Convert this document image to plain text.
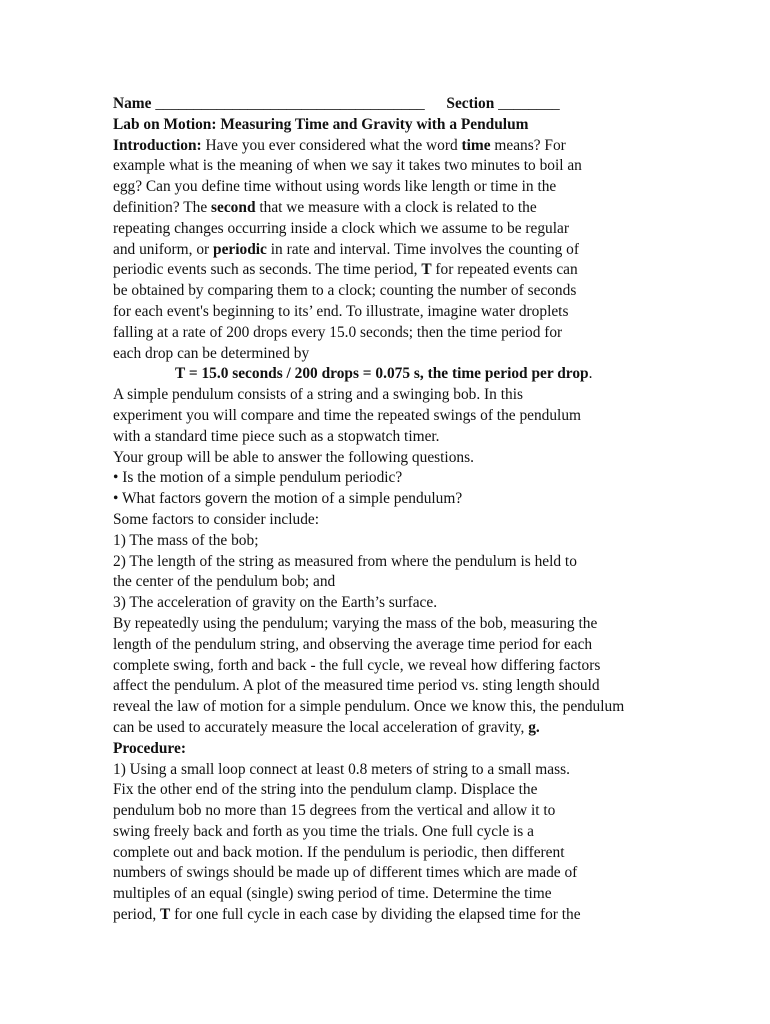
Name ___________________________________ Section ________
Lab on Motion: Measuring Time and Gravity with a Pendulum
Introduction: Have you ever considered what the word time means? For
example what is the meaning of when we say it takes two minutes to boil an
egg? Can you define time without using words like length or time in the
definition? The second that we measure with a clock is related to the
repeating changes occurring inside a clock which we assume to be regular
and uniform, or periodic in rate and interval. Time involves the counting of
periodic events such as seconds. The time period, T for repeated events can
be obtained by comparing them to a clock; counting the number of seconds
for each event's beginning to its’ end. To illustrate, imagine water droplets
falling at a rate of 200 drops every 15.0 seconds; then the time period for
each drop can be determined by
T = 15.0 seconds / 200 drops = 0.075 s, the time period per drop.
A simple pendulum consists of a string and a swinging bob. In this
experiment you will compare and time the repeated swings of the pendulum
with a standard time piece such as a stopwatch timer.
Your group will be able to answer the following questions.
• Is the motion of a simple pendulum periodic?
• What factors govern the motion of a simple pendulum?
Some factors to consider include:
1) The mass of the bob;
2) The length of the string as measured from where the pendulum is held to
the center of the pendulum bob; and
3) The acceleration of gravity on the Earth’s surface.
By repeatedly using the pendulum; varying the mass of the bob, measuring the
length of the pendulum string, and observing the average time period for each
complete swing, forth and back - the full cycle, we reveal how differing factors
affect the pendulum. A plot of the measured time period vs. sting length should
reveal the law of motion for a simple pendulum. Once we know this, the pendulum
can be used to accurately measure the local acceleration of gravity, g.
Procedure:
1) Using a small loop connect at least 0.8 meters of string to a small mass.
Fix the other end of the string into the pendulum clamp. Displace the
pendulum bob no more than 15 degrees from the vertical and allow it to
swing freely back and forth as you time the trials. One full cycle is a
complete out and back motion. If the pendulum is periodic, then different
numbers of swings should be made up of different times which are made of
multiples of an equal (single) swing period of time. Determine the time
period, T for one full cycle in each case by dividing the elapsed time for the
